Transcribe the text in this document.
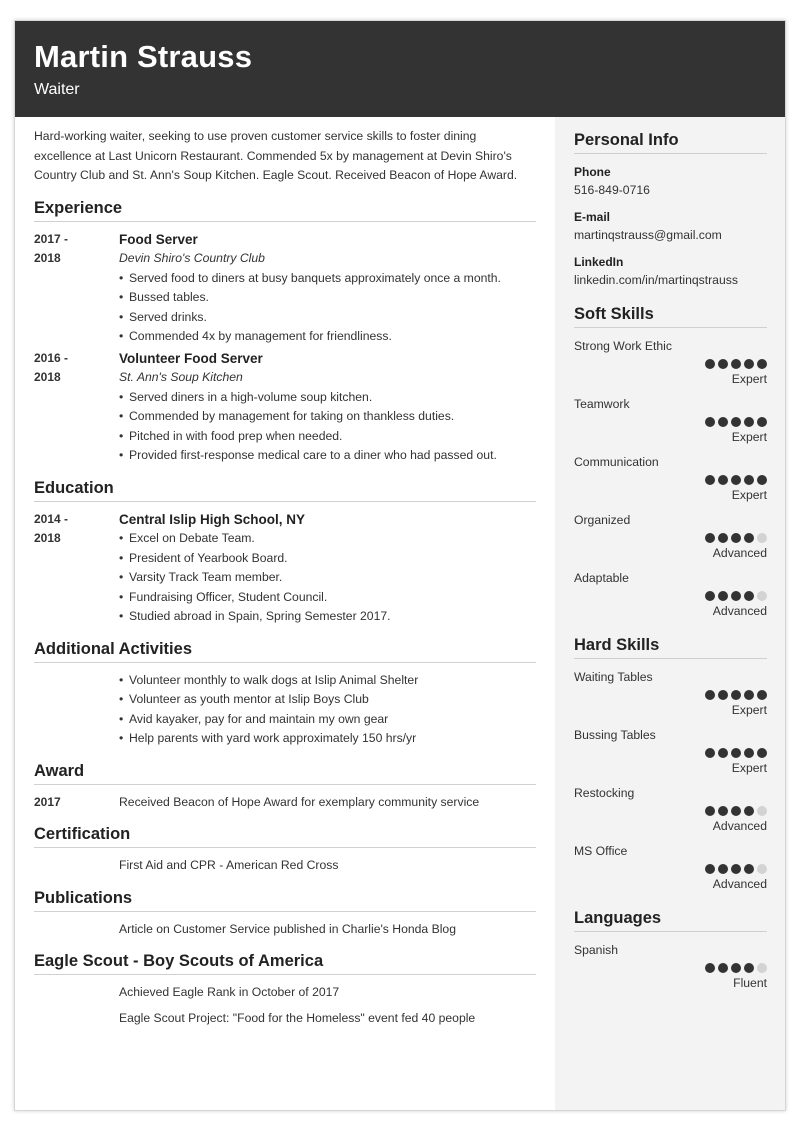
Martin Strauss
Waiter

Hard-working waiter, seeking to use proven customer service skills to foster dining excellence at Last Unicorn Restaurant. Commended 5x by management at Devin Shiro's Country Club and St. Ann's Soup Kitchen. Eagle Scout. Received Beacon of Hope Award.

Experience
2017 -
2018
Food Server
Devin Shiro's Country Club
• Served food to diners at busy banquets approximately once a month.
• Bussed tables.
• Served drinks.
• Commended 4x by management for friendliness.
2016 -
2018
Volunteer Food Server
St. Ann's Soup Kitchen
• Served diners in a high-volume soup kitchen.
• Commended by management for taking on thankless duties.
• Pitched in with food prep when needed.
• Provided first-response medical care to a diner who had passed out.
Education
2014 -
2018
Central Islip High School, NY
• Excel on Debate Team.
• President of Yearbook Board.
• Varsity Track Team member.
• Fundraising Officer, Student Council.
• Studied abroad in Spain, Spring Semester 2017.
Additional Activities
• Volunteer monthly to walk dogs at Islip Animal Shelter
• Volunteer as youth mentor at Islip Boys Club
• Avid kayaker, pay for and maintain my own gear
• Help parents with yard work approximately 150 hrs/yr
Award
2017	Received Beacon of Hope Award for exemplary community service
Certification
First Aid and CPR - American Red Cross
Publications
Article on Customer Service published in Charlie's Honda Blog
Eagle Scout - Boy Scouts of America
Achieved Eagle Rank in October of 2017
Eagle Scout Project: "Food for the Homeless" event fed 40 people
Personal Info
Phone
516-849-0716
E-mail
martinqstrauss@gmail.com
LinkedIn
linkedin.com/in/martinqstrauss
Soft Skills
Strong Work Ethic
Expert
Teamwork
Expert
Communication
Expert
Organized
Advanced
Adaptable
Advanced
Hard Skills
Waiting Tables
Expert
Bussing Tables
Expert
Restocking
Advanced
MS Office
Advanced
Languages
Spanish
Fluent
